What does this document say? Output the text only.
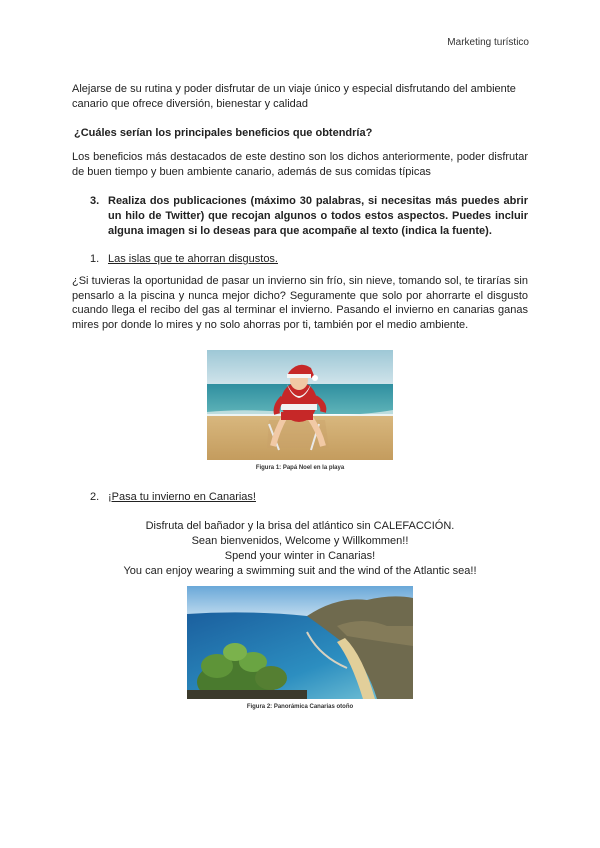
Marketing turístico
Alejarse de su rutina y poder disfrutar de un viaje único y especial disfrutando del ambiente canario que ofrece diversión, bienestar y calidad
¿Cuáles serían los principales beneficios que obtendría?
Los beneficios más destacados de este destino son los dichos anteriormente, poder disfrutar de buen tiempo y buen ambiente canario, además de sus comidas típicas
3. Realiza dos publicaciones (máximo 30 palabras, si necesitas más puedes abrir un hilo de Twitter) que recojan algunos o todos estos aspectos. Puedes incluir alguna imagen si lo deseas para que acompañe al texto (indica la fuente).
1. Las islas que te ahorran disgustos.
¿Si tuvieras la oportunidad de pasar un invierno sin frío, sin nieve, tomando sol, te tirarías sin pensarlo a la piscina y nunca mejor dicho? Seguramente que solo por ahorrarte el disgusto cuando llega el recibo del gas al terminar el invierno. Pasando el invierno en canarias ganas mires por donde lo mires y no solo ahorras por ti, también por el medio ambiente.
Figura 1: Papá Noel en la playa
2. ¡Pasa tu invierno en Canarias!
Disfruta del bañador y la brisa del atlántico sin CALEFACCIÓN.
Sean bienvenidos, Welcome y Willkommen!!
Spend your winter in Canarias!
You can enjoy wearing a swimming suit and the wind of the Atlantic sea!!
Figura 2: Panorámica Canarias otoño
